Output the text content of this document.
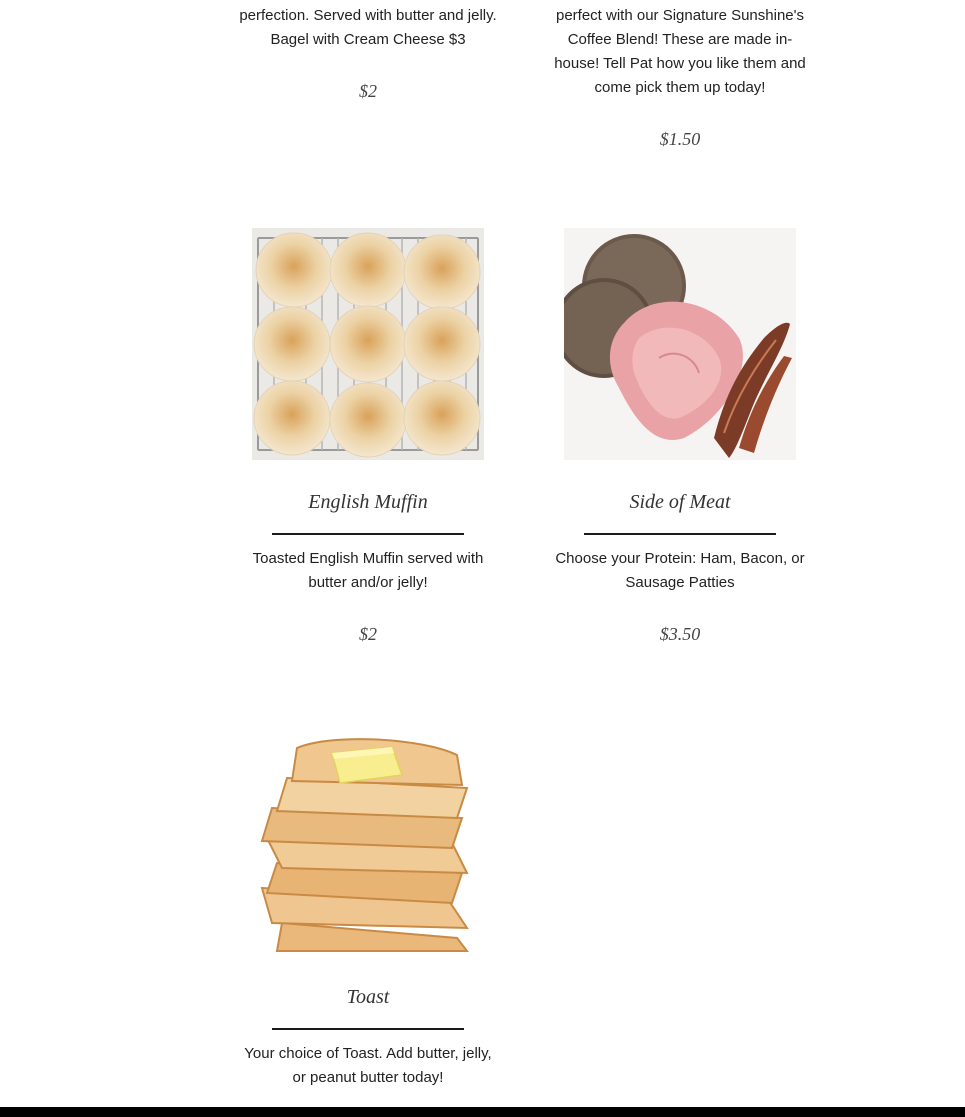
perfection. Served with butter and jelly.
Bagel with Cream Cheese $3
$2
perfect with our Signature Sunshine's
Coffee Blend! These are made in-
house! Tell Pat how you like them and
come pick them up today!
$1.50
English Muffin
Toasted English Muffin served with butter and/or jelly!
$2
Side of Meat
Choose your Protein: Ham, Bacon, or Sausage Patties
$3.50
Toast
Your choice of Toast. Add butter, jelly, or peanut butter today!
